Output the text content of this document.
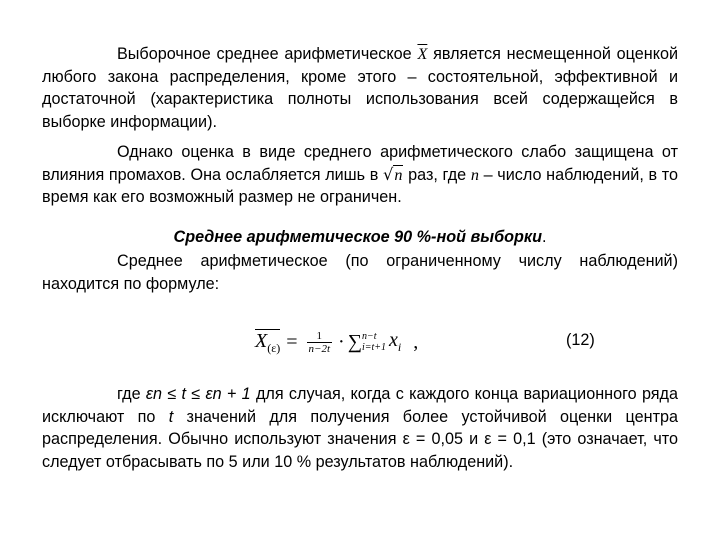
Выборочное среднее арифметическое $\overline{X}$ является несмещенной оценкой любого закона распределения, кроме этого – состоятельной, эффективной и достаточной (характеристика полноты использования всей содержащейся в выборке информации).

Однако оценка в виде среднего арифметического слабо защищена от влияния промахов. Она ослабляется лишь в √n раз, где n – число наблюдений, в то время как его возможный размер не ограничен.

Среднее арифметическое 90 %-ной выборки.

Среднее арифметическое (по ограниченному числу наблюдений) находится по формуле:

$X_{(\varepsilon)} = \frac{1}{n-2t}$ · ∑ n−t
i=t+1 $x_i$ ,	(12)

где εn ≤ t ≤ εn + 1 для случая, когда с каждого конца вариационного ряда исключают по t значений для получения более устойчивой оценки центра распределения. Обычно используют значения ε = 0,05 и ε = 0,1 (это означает, что следует отбрасывать по 5 или 10 % результатов наблюдений).
